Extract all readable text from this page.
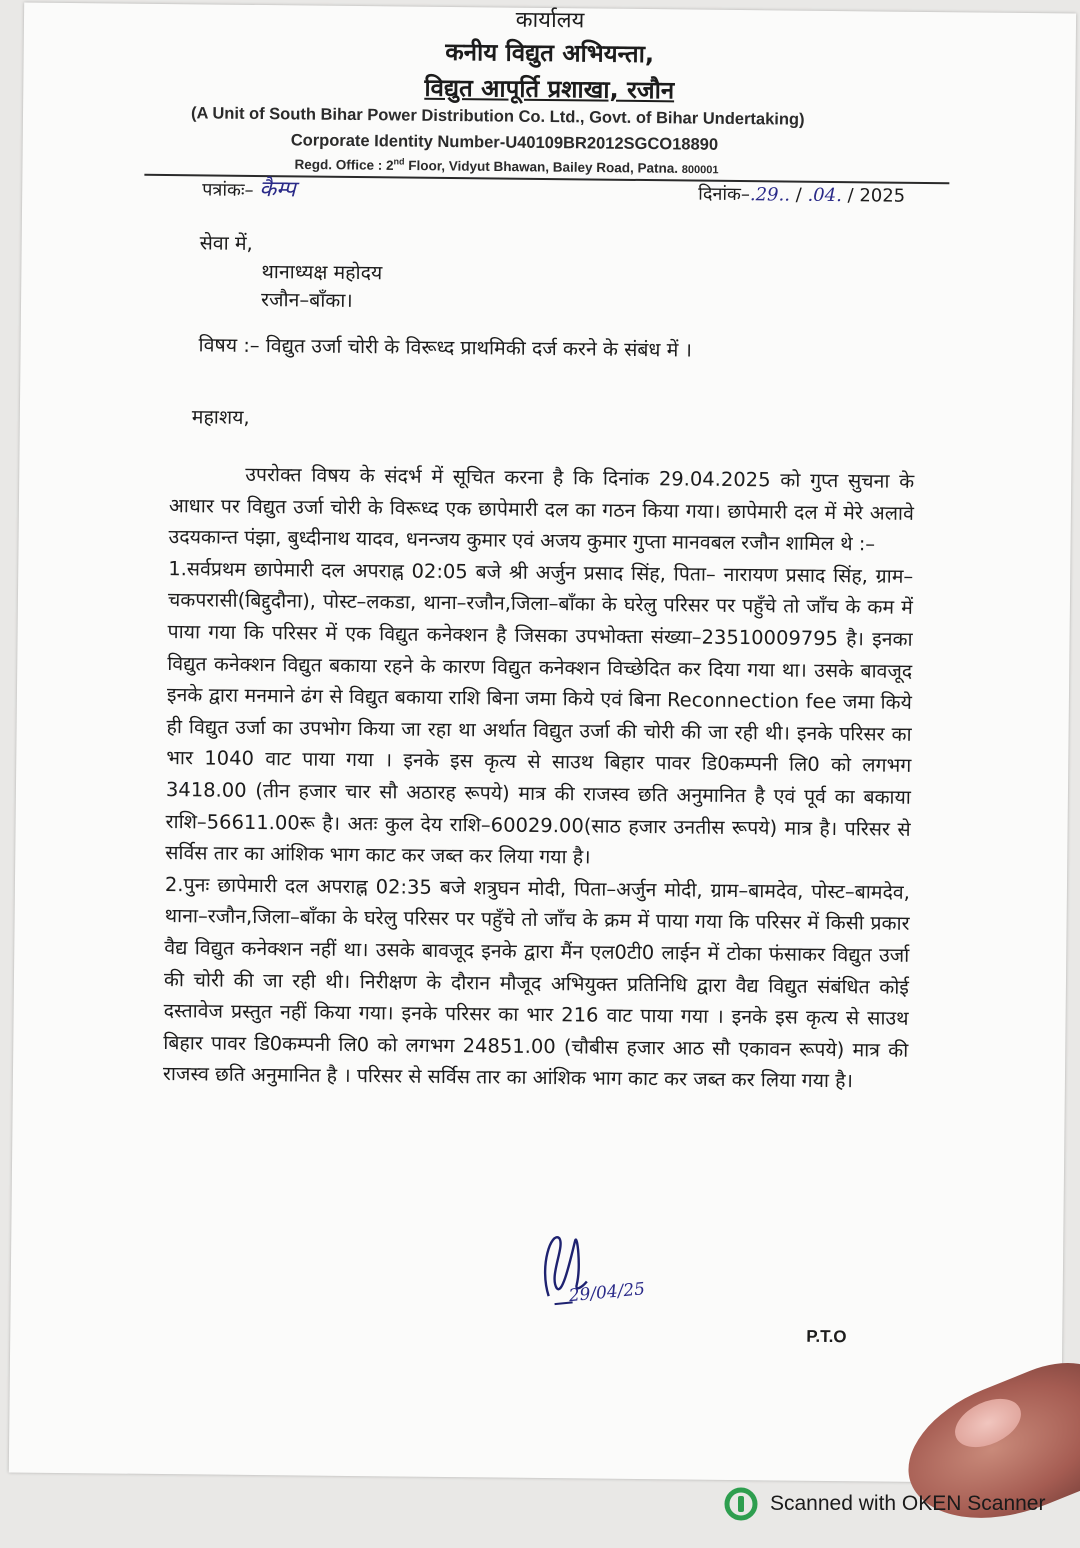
कार्यालय
कनीय विद्युत अभियन्ता,
विद्युत आपूर्ति प्रशाखा, रजौन
(A Unit of South Bihar Power Distribution Co. Ltd., Govt. of Bihar Undertaking)
Corporate Identity Number-U40109BR2012SGCO18890
Regd. Office : 2nd Floor, Vidyut Bhawan, Bailey Road, Patna. 800001
पत्रांकः– कैम्प	दिनांक–.29.. / .04. / 2025
सेवा में,
थानाध्यक्ष महोदय
रजौन–बाँका।
विषय :– विद्युत उर्जा चोरी के विरूध्द प्राथमिकी दर्ज करने के संबंध में ।
महाशय,

उपरोक्त विषय के संदर्भ में सूचित करना है कि दिनांक 29.04.2025 को गुप्त सुचना के आधार पर विद्युत उर्जा चोरी के विरूध्द एक छापेमारी दल का गठन किया गया। छापेमारी दल में मेरे अलावे उदयकान्त पंझा, बुध्दीनाथ यादव, धनन्जय कुमार एवं अजय कुमार गुप्ता मानवबल रजौन शामिल थे :–

1.सर्वप्रथम छापेमारी दल अपराह्न 02:05 बजे श्री अर्जुन प्रसाद सिंह, पिता– नारायण प्रसाद सिंह, ग्राम–चकपरासी(बिद्दुदौना), पोस्ट–लकडा, थाना–रजौन,जिला–बाँका के घरेलु परिसर पर पहुँचे तो जाँच के कम में पाया गया कि परिसर में एक विद्युत कनेक्शन है जिसका उपभोक्ता संख्या–23510009795 है। इनका विद्युत कनेक्शन विद्युत बकाया रहने के कारण विद्युत कनेक्शन विच्छेदित कर दिया गया था। उसके बावजूद इनके द्वारा मनमाने ढंग से विद्युत बकाया राशि बिना जमा किये एवं बिना Reconnection fee जमा किये ही विद्युत उर्जा का उपभोग किया जा रहा था अर्थात विद्युत उर्जा की चोरी की जा रही थी। इनके परिसर का भार 1040 वाट पाया गया । इनके इस कृत्य से साउथ बिहार पावर डि0कम्पनी लि0 को लगभग 3418.00 (तीन हजार चार सौ अठारह रूपये) मात्र की राजस्व छति अनुमानित है एवं पूर्व का बकाया राशि–56611.00रू है। अतः कुल देय राशि–60029.00(साठ हजार उनतीस रूपये) मात्र है। परिसर से सर्विस तार का आंशिक भाग काट कर जब्त कर लिया गया है।

2.पुनः छापेमारी दल अपराह्न 02:35 बजे शत्रुघन मोदी, पिता–अर्जुन मोदी, ग्राम–बामदेव, पोस्ट–बामदेव, थाना–रजौन,जिला–बाँका के घरेलु परिसर पर पहुँचे तो जाँच के क्रम में पाया गया कि परिसर में किसी प्रकार वैद्य विद्युत कनेक्शन नहीं था। उसके बावजूद इनके द्वारा मैंन एल0टी0 लाईन में टोका फंसाकर विद्युत उर्जा की चोरी की जा रही थी। निरीक्षण के दौरान मौजूद अभियुक्त प्रतिनिधि द्वारा वैद्य विद्युत संबंधित कोई दस्तावेज प्रस्तुत नहीं किया गया। इनके परिसर का भार 216 वाट पाया गया । इनके इस कृत्य से साउथ बिहार पावर डि0कम्पनी लि0 को लगभग 24851.00 (चौबीस हजार आठ सौ एकावन रूपये) मात्र की राजस्व छति अनुमानित है । परिसर से सर्विस तार का आंशिक भाग काट कर जब्त कर लिया गया है।

29/04/25
P.T.O
Scanned with OKEN Scanner
